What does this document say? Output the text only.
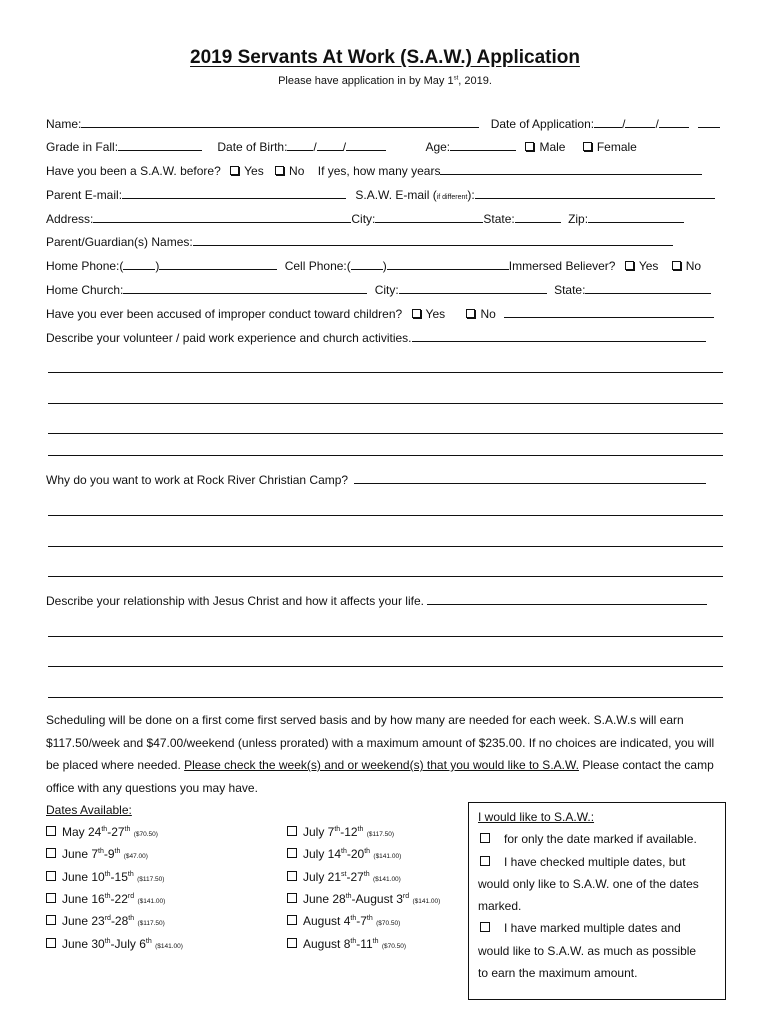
2019 Servants At Work (S.A.W.) Application
Please have application in by May 1st, 2019.
Name:	Date of Application: /	/
Grade in Fall:	Date of Birth: / /	Age:	Male	Female
Have you been a S.A.W. before? Yes No If yes, how many years
Parent E-mail:	S.A.W. E-mail (if different):
Address:	City:	State:	Zip:
Parent/Guardian(s) Names:
Home Phone:(	)	Cell Phone:(	)	Immersed Believer? Yes No
Home Church:	City:	State:
Have you ever been accused of improper conduct toward children? Yes	No
Describe your volunteer / paid work experience and church activities.
Why do you want to work at Rock River Christian Camp?
Describe your relationship with Jesus Christ and how it affects your life.
Scheduling will be done on a first come first served basis and by how many are needed for each week. S.A.W.s will earn $117.50/week and $47.00/weekend (unless prorated) with a maximum amount of $235.00. If no choices are indicated, you will be placed where needed. Please check the week(s) and or weekend(s) that you would like to S.A.W. Please contact the camp office with any questions you may have.
Dates Available:
May 24th-27th ($70.50)
June 7th-9th ($47.00)
June 10th-15th ($117.50)
June 16th-22rd ($141.00)
June 23rd-28th ($117.50)
June 30th-July 6th ($141.00)
July 7th-12th ($117.50)
July 14th-20th ($141.00)
July 21st-27th ($141.00)
June 28th-August 3rd ($141.00)
August 4th-7th ($70.50)
August 8th-11th ($70.50)

I would like to S.A.W.:

for only the date marked if available.

I have checked multiple dates, but

would only like to S.A.W. one of the dates

marked.

I have marked multiple dates and

would like to S.A.W. as much as possible

to earn the maximum amount.
